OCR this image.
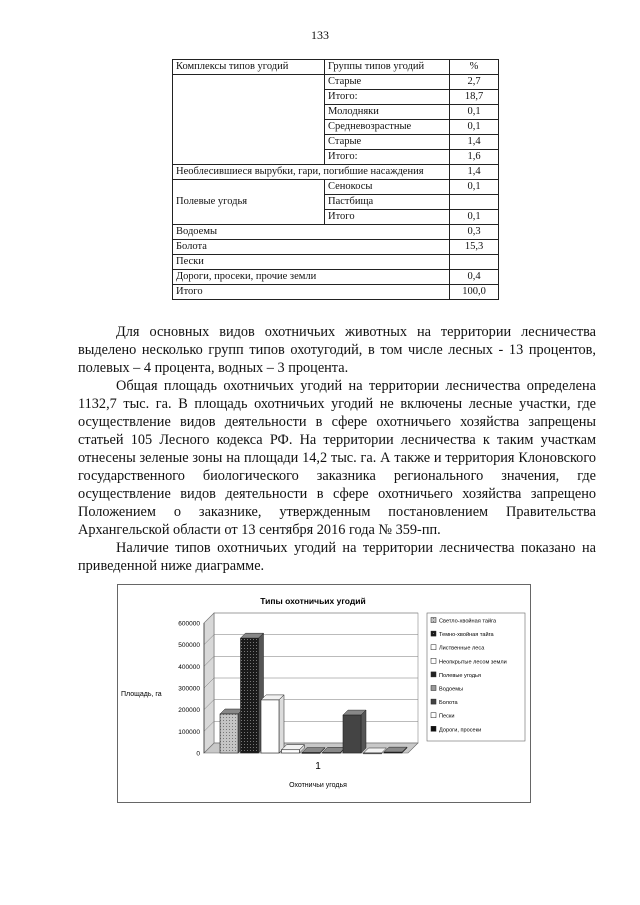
133
Комплексы типов угодий	Группы типов угодий	%
	Старые	2,7
	Итого:	18,7
	Молодняки	0,1
	Средневозрастные	0,1
	Старые	1,4
	Итого:	1,6
Необлесившиеся вырубки, гари, погибшие насаждения		1,4
Полевые угодья	Сенокосы	0,1
	Пастбища	
	Итого	0,1
Водоемы		0,3
Болота		15,3
Пески		
Дороги, просеки, прочие земли		0,4
Итого		100,0

Для основных видов охотничьих животных на территории лесничества выделено несколько групп типов охотугодий, в том числе лесных - 13 процентов, полевых – 4 процента, водных – 3 процента.

Общая площадь охотничьих угодий на территории лесничества определена 1132,7 тыс. га. В площадь охотничьих угодий не включены лесные участки, где осуществление видов деятельности в сфере охотничьего хозяйства запрещены статьей 105 Лесного кодекса РФ. На территории лесничества к таким участкам отнесены зеленые зоны на площади 14,2 тыс. га. А также и территория Клоновского государственного биологического заказника регионального значения, где осуществление видов деятельности в сфере охотничьего хозяйства запрещено Положением о заказнике, утвержденным постановлением Правительства Архангельской области от 13 сентября 2016 года № 359-пп.

Наличие типов охотничьих угодий на территории лесничества показано на приведенной ниже диаграмме.

Типы охотничьих угодий
Площадь, га
Охотничьи угодья
0
100000
200000
300000
400000
500000
600000
1
Светло-хвойная тайга
Темно-хвойная тайга
Лиственные леса
Неопкрытые лесом земли
Полевые угодья
Водоемы
Болота
Пески
Дороги, просеки
